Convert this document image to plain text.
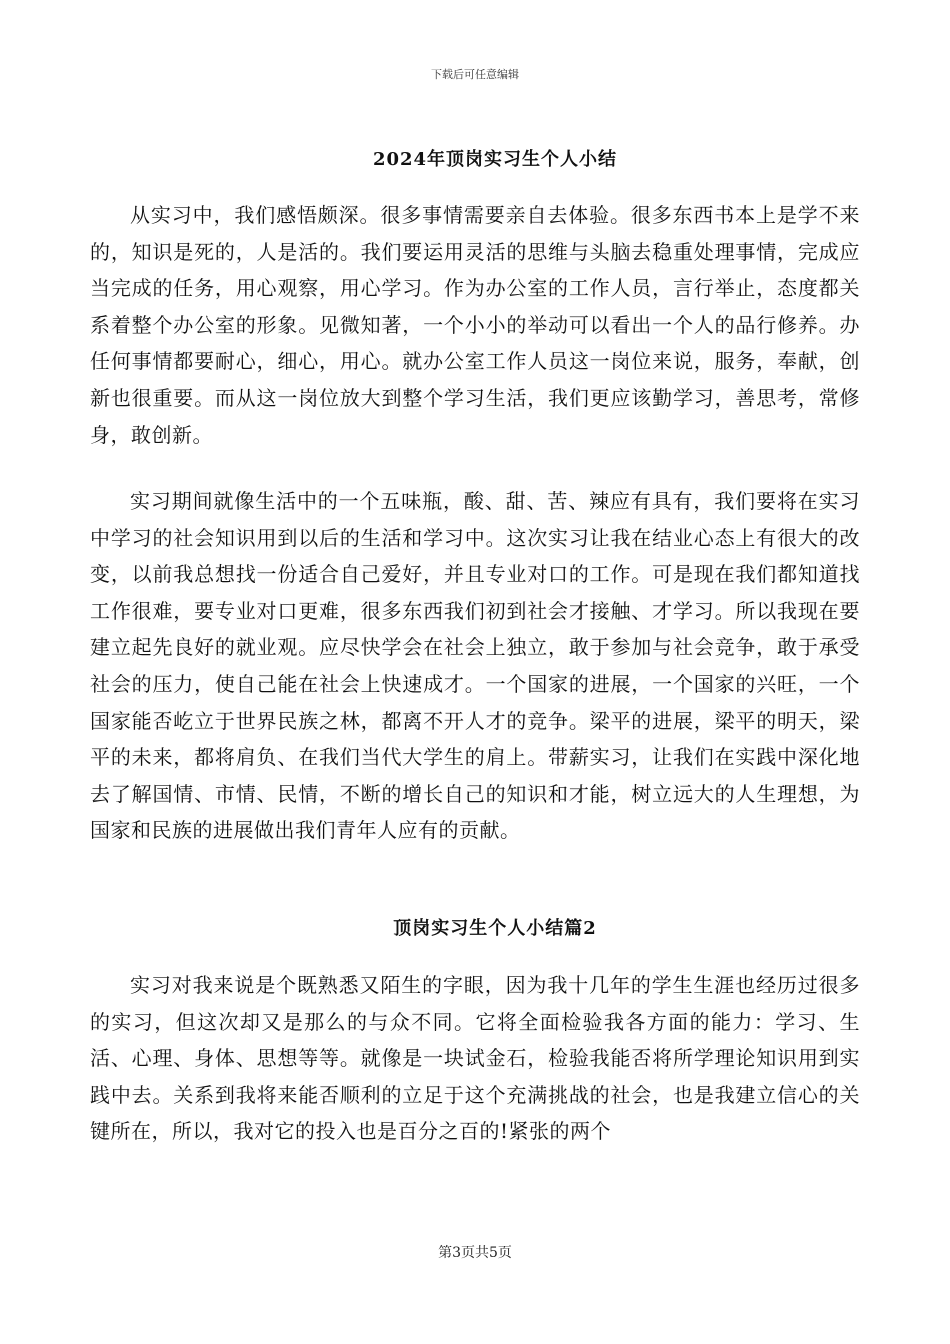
下载后可任意编辑
2024年顶岗实习生个人小结

从实习中，我们感悟颇深。很多事情需要亲自去体验。很多东西书本上是学不来的，知识是死的，人是活的。我们要运用灵活的思维与头脑去稳重处理事情，完成应当完成的任务，用心观察，用心学习。作为办公室的工作人员，言行举止，态度都关系着整个办公室的形象。见微知著，一个小小的举动可以看出一个人的品行修养。办任何事情都要耐心，细心，用心。就办公室工作人员这一岗位来说，服务，奉献，创新也很重要。而从这一岗位放大到整个学习生活，我们更应该勤学习，善思考，常修身，敢创新。

实习期间就像生活中的一个五味瓶，酸、甜、苦、辣应有具有，我们要将在实习中学习的社会知识用到以后的生活和学习中。这次实习让我在结业心态上有很大的改变，以前我总想找一份适合自己爱好，并且专业对口的工作。可是现在我们都知道找工作很难，要专业对口更难，很多东西我们初到社会才接触、才学习。所以我现在要建立起先良好的就业观。应尽快学会在社会上独立，敢于参加与社会竞争，敢于承受社会的压力，使自己能在社会上快速成才。一个国家的进展，一个国家的兴旺，一个国家能否屹立于世界民族之林，都离不开人才的竞争。梁平的进展，梁平的明天，梁平的未来，都将肩负、在我们当代大学生的肩上。带薪实习，让我们在实践中深化地去了解国情、市情、民情，不断的增长自己的知识和才能，树立远大的人生理想，为国家和民族的进展做出我们青年人应有的贡献。

顶岗实习生个人小结篇2

实习对我来说是个既熟悉又陌生的字眼，因为我十几年的学生生涯也经历过很多的实习，但这次却又是那么的与众不同。它将全面检验我各方面的能力：学习、生活、心理、身体、思想等等。就像是一块试金石，检验我能否将所学理论知识用到实践中去。关系到我将来能否顺利的立足于这个充满挑战的社会，也是我建立信心的关键所在，所以，我对它的投入也是百分之百的!紧张的两个

第3页共5页
